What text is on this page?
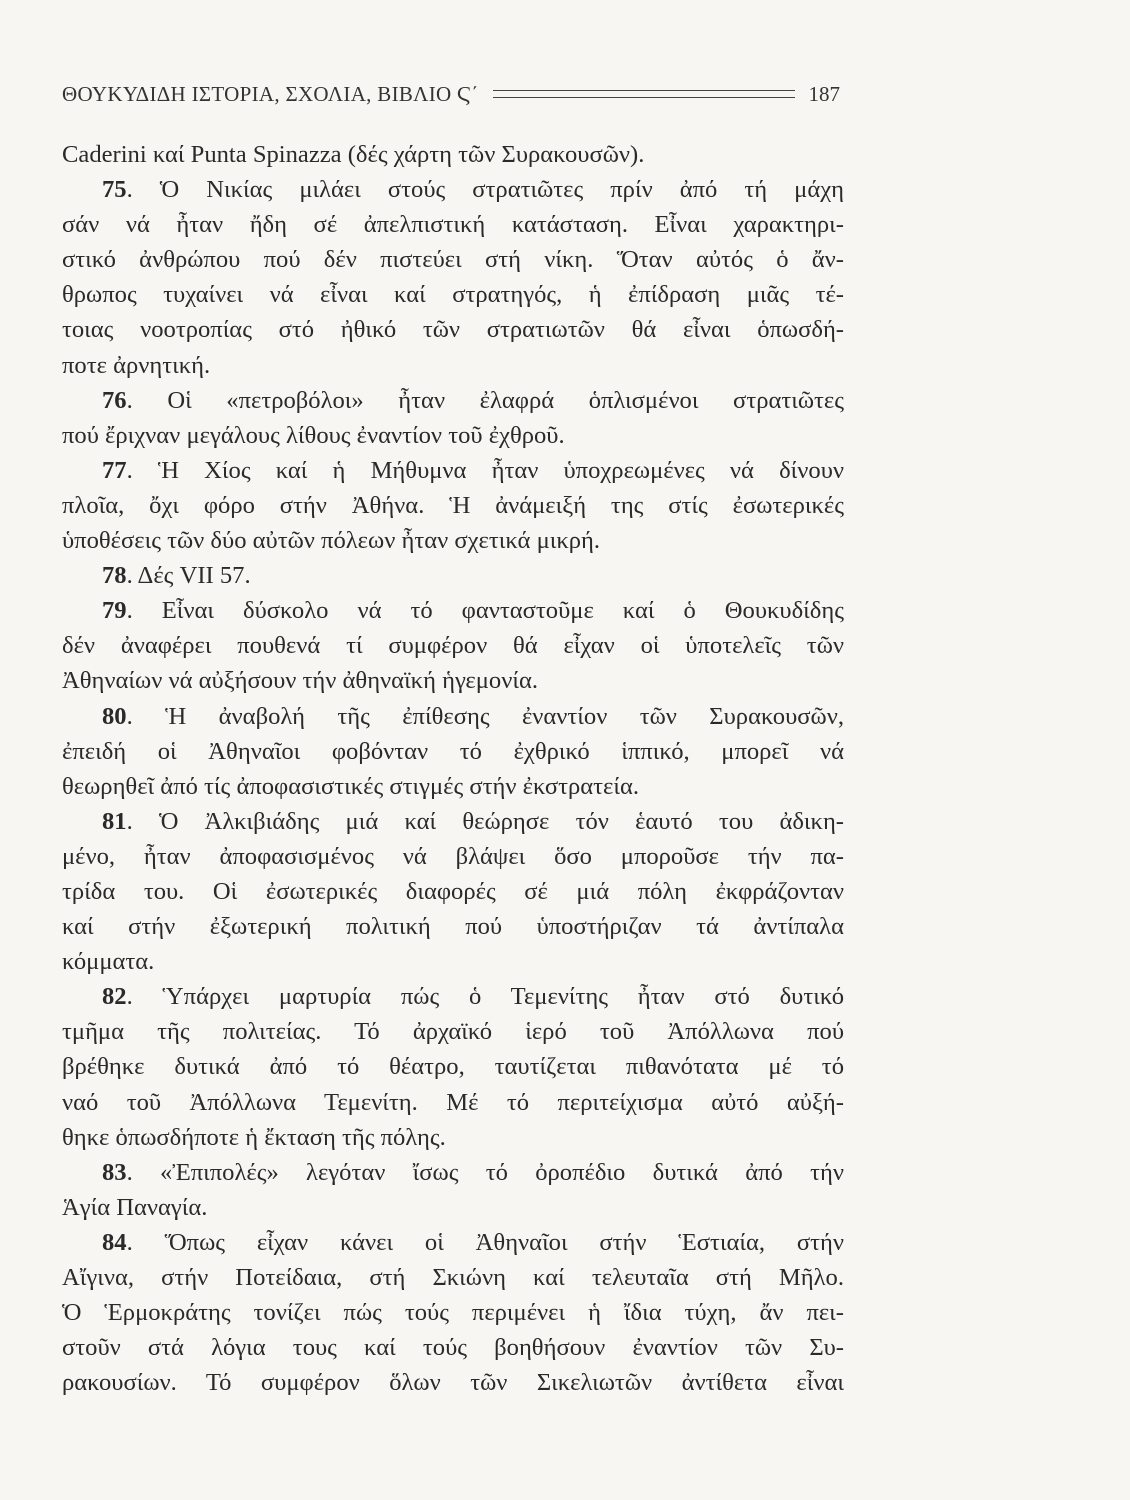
ΘΟΥΚΥΔΙΔΗ ΙΣΤΟΡΙΑ, ΣΧΟΛΙΑ, ΒΙΒΛΙΟ Ϛ΄	187
Caderini καί Punta Spinazza (δές χάρτη τῶν Συρακουσῶν).
75. Ὁ Νικίας μιλάει στούς στρατιῶτες πρίν ἀπό τή μάχη
σάν νά ἦταν ἤδη σέ ἀπελπιστική κατάσταση. Εἶναι χαρακτηρι-
στικό ἀνθρώπου πού δέν πιστεύει στή νίκη. Ὅταν αὐτός ὁ ἄν-
θρωπος τυχαίνει νά εἶναι καί στρατηγός, ἡ ἐπίδραση μιᾶς τέ-
τοιας νοοτροπίας στό ἠθικό τῶν στρατιωτῶν θά εἶναι ὁπωσδή-
ποτε ἀρνητική.
76. Οἱ «πετροβόλοι» ἦταν ἐλαφρά ὁπλισμένοι στρατιῶτες
πού ἔριχναν μεγάλους λίθους ἐναντίον τοῦ ἐχθροῦ.
77. Ἡ Χίος καί ἡ Μήθυμνα ἦταν ὑποχρεωμένες νά δίνουν
πλοῖα, ὄχι φόρο στήν Ἀθήνα. Ἡ ἀνάμειξή της στίς ἐσωτερικές
ὑποθέσεις τῶν δύο αὐτῶν πόλεων ἦταν σχετικά μικρή.
78. Δές VII 57.
79. Εἶναι δύσκολο νά τό φανταστοῦμε καί ὁ Θουκυδίδης
δέν ἀναφέρει πουθενά τί συμφέρον θά εἶχαν οἱ ὑποτελεῖς τῶν
Ἀθηναίων νά αὐξήσουν τήν ἀθηναϊκή ἡγεμονία.
80. Ἡ ἀναβολή τῆς ἐπίθεσης ἐναντίον τῶν Συρακουσῶν,
ἐπειδή οἱ Ἀθηναῖοι φοβόνταν τό ἐχθρικό ἱππικό, μπορεῖ νά
θεωρηθεῖ ἀπό τίς ἀποφασιστικές στιγμές στήν ἐκστρατεία.
81. Ὁ Ἀλκιβιάδης μιά καί θεώρησε τόν ἑαυτό του ἀδικη-
μένο, ἦταν ἀποφασισμένος νά βλάψει ὅσο μποροῦσε τήν πα-
τρίδα του. Οἱ ἐσωτερικές διαφορές σέ μιά πόλη ἐκφράζονταν
καί στήν ἐξωτερική πολιτική πού ὑποστήριζαν τά ἀντίπαλα
κόμματα.
82. Ὑπάρχει μαρτυρία πώς ὁ Τεμενίτης ἦταν στό δυτικό
τμῆμα τῆς πολιτείας. Τό ἀρχαϊκό ἱερό τοῦ Ἀπόλλωνα πού
βρέθηκε δυτικά ἀπό τό θέατρο, ταυτίζεται πιθανότατα μέ τό
ναό τοῦ Ἀπόλλωνα Τεμενίτη. Μέ τό περιτείχισμα αὐτό αὐξή-
θηκε ὁπωσδήποτε ἡ ἔκταση τῆς πόλης.
83. «Ἐπιπολές» λεγόταν ἴσως τό ὀροπέδιο δυτικά ἀπό τήν
Ἁγία Παναγία.
84. Ὅπως εἶχαν κάνει οἱ Ἀθηναῖοι στήν Ἑστιαία, στήν
Αἴγινα, στήν Ποτείδαια, στή Σκιώνη καί τελευταῖα στή Μῆλο.
Ὁ Ἑρμοκράτης τονίζει πώς τούς περιμένει ἡ ἴδια τύχη, ἄν πει-
στοῦν στά λόγια τους καί τούς βοηθήσουν ἐναντίον τῶν Συ-
ρακουσίων. Τό συμφέρον ὅλων τῶν Σικελιωτῶν ἀντίθετα εἶναι
